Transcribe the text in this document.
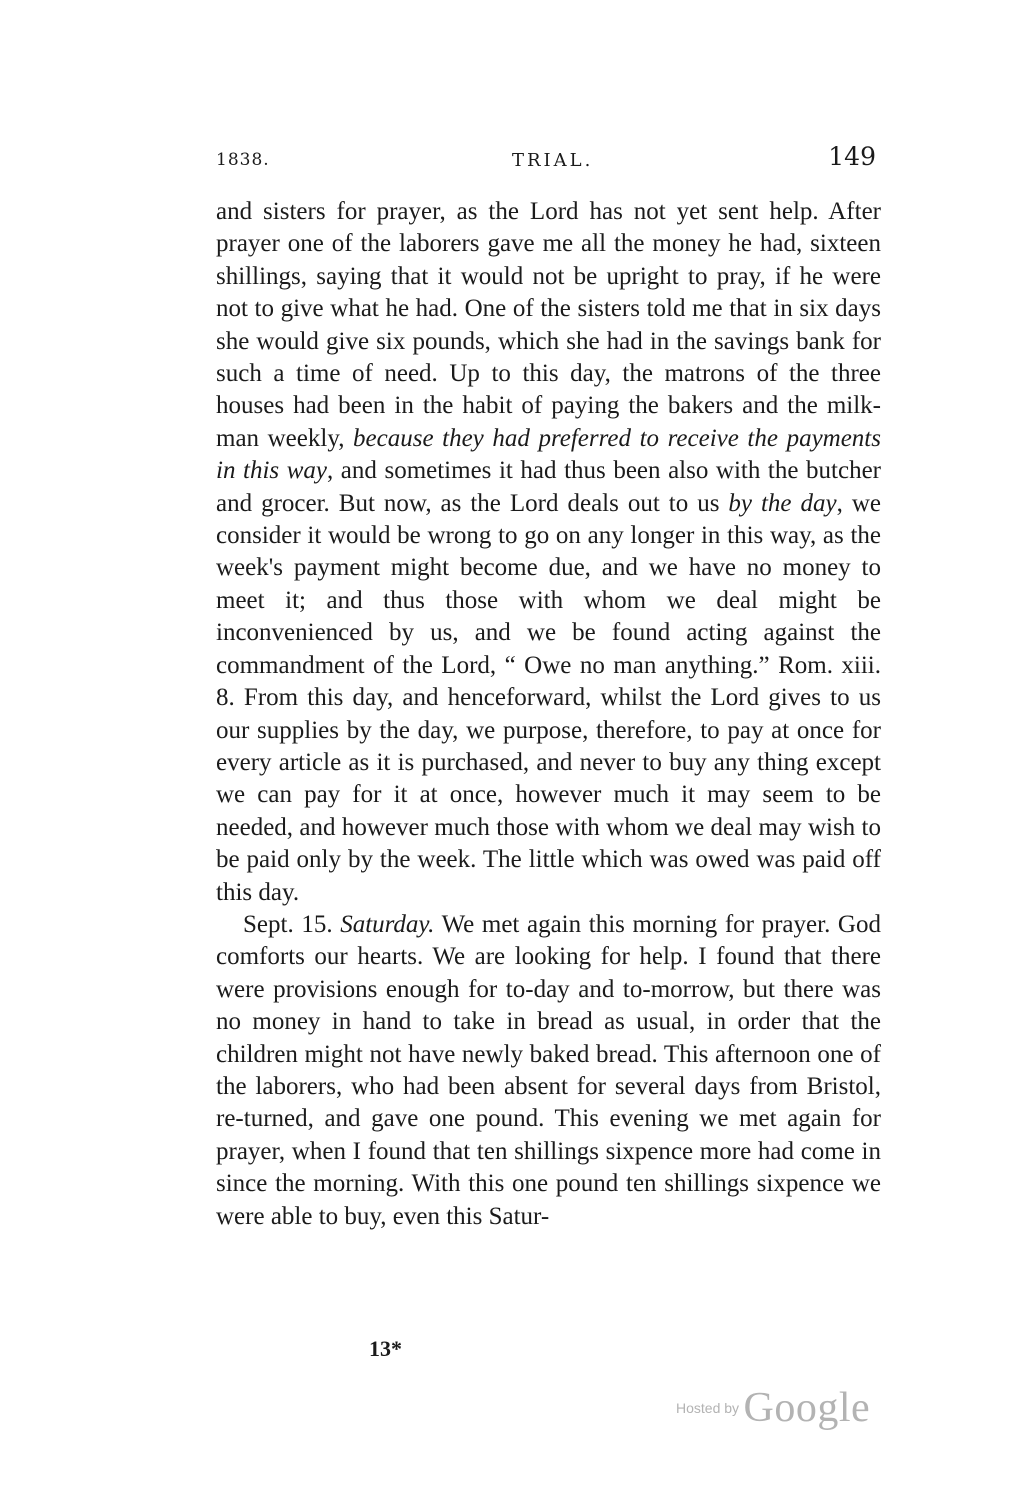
1838.	TRIAL.	149

and sisters for prayer, as the Lord has not yet sent help. After prayer one of the laborers gave me all the money he had, sixteen shillings, saying that it would not be upright to pray, if he were not to give what he had. One of the sisters told me that in six days she would give six pounds, which she had in the savings bank for such a time of need. Up to this day, the matrons of the three houses had been in the habit of paying the bakers and the milk-man weekly, because they had preferred to receive the payments in this way, and sometimes it had thus been also with the butcher and grocer. But now, as the Lord deals out to us by the day, we consider it would be wrong to go on any longer in this way, as the week's payment might become due, and we have no money to meet it; and thus those with whom we deal might be inconvenienced by us, and we be found acting against the commandment of the Lord, “ Owe no man anything.” Rom. xiii. 8. From this day, and henceforward, whilst the Lord gives to us our supplies by the day, we purpose, therefore, to pay at once for every article as it is purchased, and never to buy any thing except we can pay for it at once, however much it may seem to be needed, and however much those with whom we deal may wish to be paid only by the week. The little which was owed was paid off this day.

Sept. 15. Saturday. We met again this morning for prayer. God comforts our hearts. We are looking for help. I found that there were provisions enough for to-day and to-morrow, but there was no money in hand to take in bread as usual, in order that the children might not have newly baked bread. This afternoon one of the laborers, who had been absent for several days from Bristol, re-turned, and gave one pound. This evening we met again for prayer, when I found that ten shillings sixpence more had come in since the morning. With this one pound ten shillings sixpence we were able to buy, even this Satur-

13*
Hosted by Google
